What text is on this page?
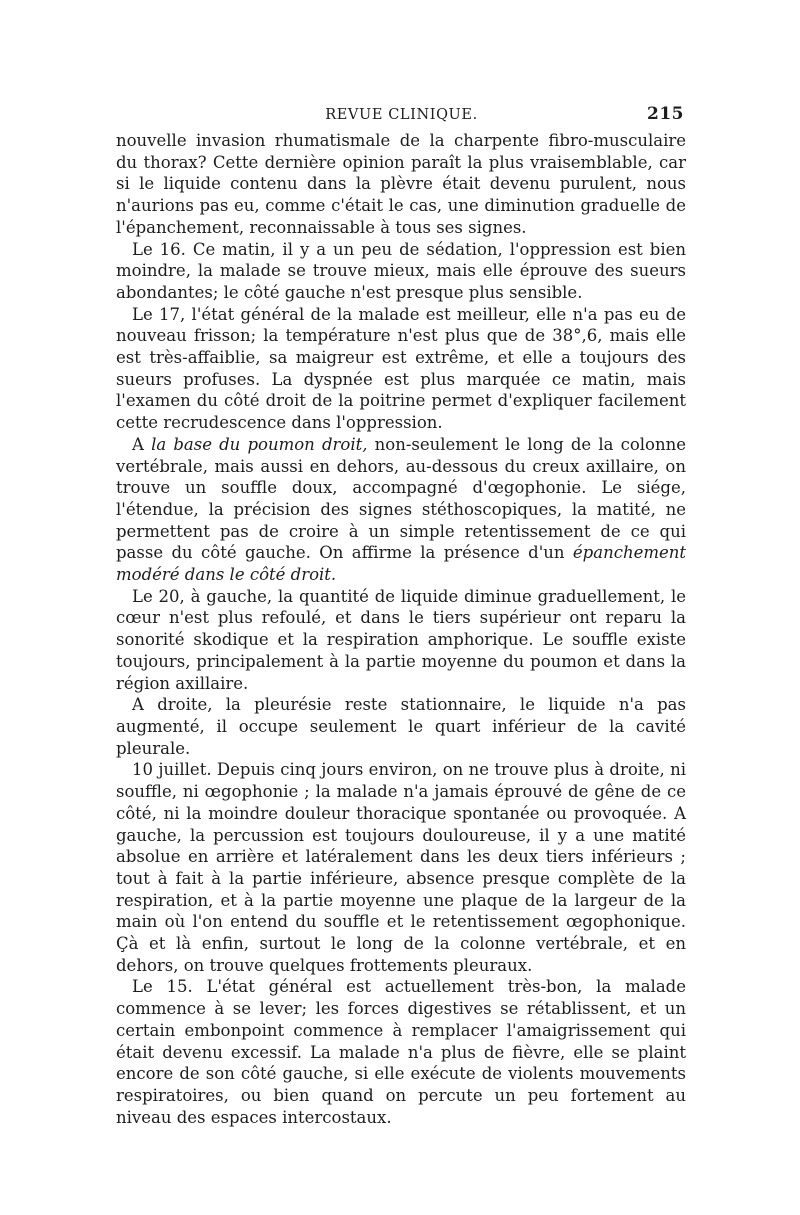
REVUE CLINIQUE.	215

nouvelle invasion rhumatismale de la charpente fibro-musculaire du thorax? Cette dernière opinion paraît la plus vraisemblable, car si le liquide contenu dans la plèvre était devenu purulent, nous n'aurions pas eu, comme c'était le cas, une diminution graduelle de l'épanchement, reconnaissable à tous ses signes.

Le 16. Ce matin, il y a un peu de sédation, l'oppression est bien moindre, la malade se trouve mieux, mais elle éprouve des sueurs abondantes; le côté gauche n'est presque plus sensible.

Le 17, l'état général de la malade est meilleur, elle n'a pas eu de nouveau frisson; la température n'est plus que de 38°,6, mais elle est très-affaiblie, sa maigreur est extrême, et elle a toujours des sueurs profuses. La dyspnée est plus marquée ce matin, mais l'examen du côté droit de la poitrine permet d'expliquer facilement cette recrudescence dans l'oppression.

A la base du poumon droit, non-seulement le long de la colonne vertébrale, mais aussi en dehors, au-dessous du creux axillaire, on trouve un souffle doux, accompagné d'œgophonie. Le siége, l'étendue, la précision des signes stéthoscopiques, la matité, ne permettent pas de croire à un simple retentissement de ce qui passe du côté gauche. On affirme la présence d'un épanchement modéré dans le côté droit.

Le 20, à gauche, la quantité de liquide diminue graduellement, le cœur n'est plus refoulé, et dans le tiers supérieur ont reparu la sonorité skodique et la respiration amphorique. Le souffle existe toujours, principalement à la partie moyenne du poumon et dans la région axillaire.

A droite, la pleurésie reste stationnaire, le liquide n'a pas augmenté, il occupe seulement le quart inférieur de la cavité pleurale.

10 juillet. Depuis cinq jours environ, on ne trouve plus à droite, ni souffle, ni œgophonie ; la malade n'a jamais éprouvé de gêne de ce côté, ni la moindre douleur thoracique spontanée ou provoquée. A gauche, la percussion est toujours douloureuse, il y a une matité absolue en arrière et latéralement dans les deux tiers inférieurs ; tout à fait à la partie inférieure, absence presque complète de la respiration, et à la partie moyenne une plaque de la largeur de la main où l'on entend du souffle et le retentissement œgophonique. Çà et là enfin, surtout le long de la colonne vertébrale, et en dehors, on trouve quelques frottements pleuraux.

Le 15. L'état général est actuellement très-bon, la malade commence à se lever; les forces digestives se rétablissent, et un certain embonpoint commence à remplacer l'amaigrissement qui était devenu excessif. La malade n'a plus de fièvre, elle se plaint encore de son côté gauche, si elle exécute de violents mouvements respiratoires, ou bien quand on percute un peu fortement au niveau des espaces intercostaux.
